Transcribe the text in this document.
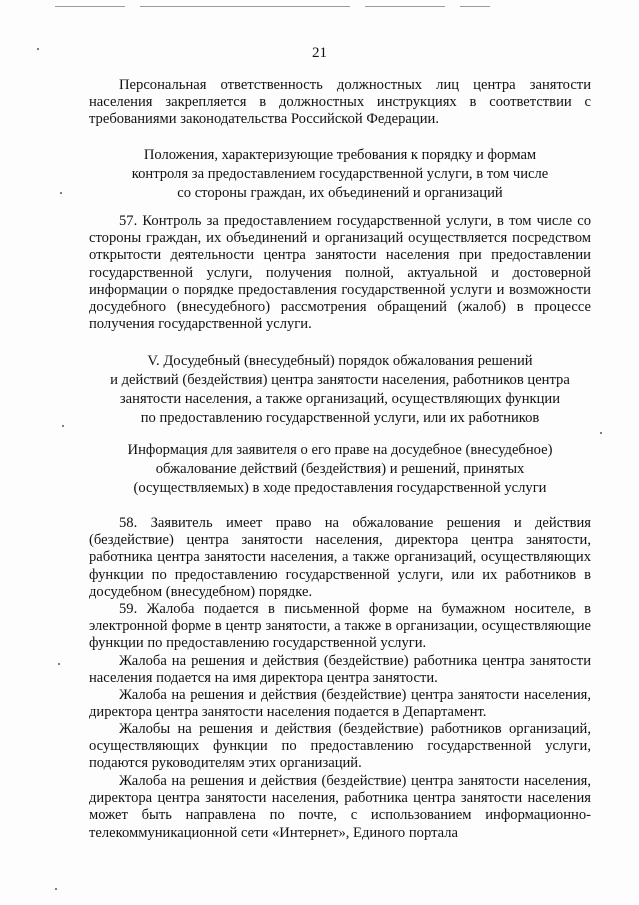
21

Персональная ответственность должностных лиц центра занятости населения закрепляется в должностных инструкциях в соответствии с требованиями законодательства Российской Федерации.

Положения, характеризующие требования к порядку и формам
контроля за предоставлением государственной услуги, в том числе
со стороны граждан, их объединений и организаций

57. Контроль за предоставлением государственной услуги, в том числе со стороны граждан, их объединений и организаций осуществляется посредством открытости деятельности центра занятости населения при предоставлении государственной услуги, получения полной, актуальной и достоверной информации о порядке предоставления государственной услуги и возможности досудебного (внесудебного) рассмотрения обращений (жалоб) в процессе получения государственной услуги.

V. Досудебный (внесудебный) порядок обжалования решений
и действий (бездействия) центра занятости населения, работников центра
занятости населения, а также организаций, осуществляющих функции
по предоставлению государственной услуги, или их работников
Информация для заявителя о его праве на досудебное (внесудебное)
обжалование действий (бездействия) и решений, принятых
(осуществляемых) в ходе предоставления государственной услуги

58. Заявитель имеет право на обжалование решения и действия (бездействие) центра занятости населения, директора центра занятости, работника центра занятости населения, а также организаций, осуществляющих функции по предоставлению государственной услуги, или их работников в досудебном (внесудебном) порядке.

59. Жалоба подается в письменной форме на бумажном носителе, в электронной форме в центр занятости, а также в организации, осуществляющие функции по предоставлению государственной услуги.

Жалоба на решения и действия (бездействие) работника центра занятости населения подается на имя директора центра занятости.

Жалоба на решения и действия (бездействие) центра занятости населения, директора центра занятости населения подается в Департамент.

Жалобы на решения и действия (бездействие) работников организаций, осуществляющих функции по предоставлению государственной услуги, подаются руководителям этих организаций.

Жалоба на решения и действия (бездействие) центра занятости населения, директора центра занятости населения, работника центра занятости населения может быть направлена по почте, с использованием информационно-телекоммуникационной сети «Интернет», Единого портала
